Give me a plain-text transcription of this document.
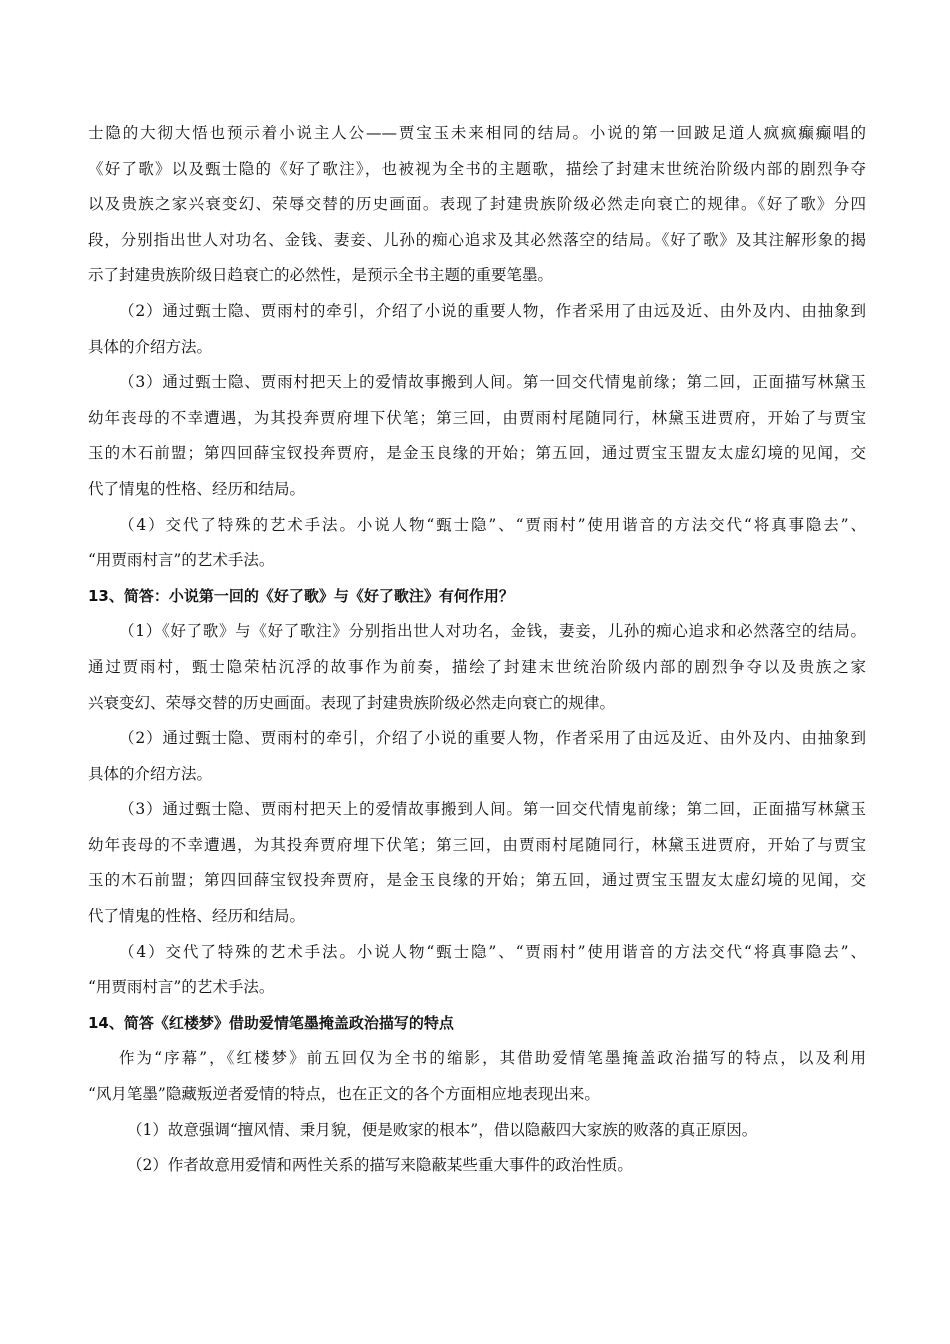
士隐的大彻大悟也预示着小说主人公——贾宝玉未来相同的结局。小说的第一回跛足道人疯疯癫癫唱的
《好了歌》以及甄士隐的《好了歌注》，也被视为全书的主题歌，描绘了封建末世统治阶级内部的剧烈争夺
以及贵族之家兴衰变幻、荣辱交替的历史画面。表现了封建贵族阶级必然走向衰亡的规律。《好了歌》分四
段，分别指出世人对功名、金钱、妻妾、儿孙的痴心追求及其必然落空的结局。《好了歌》及其注解形象的揭
示了封建贵族阶级日趋衰亡的必然性，是预示全书主题的重要笔墨。
（2）通过甄士隐、贾雨村的牵引，介绍了小说的重要人物，作者采用了由远及近、由外及内、由抽象到
具体的介绍方法。
（3）通过甄士隐、贾雨村把天上的爱情故事搬到人间。第一回交代情鬼前缘；第二回，正面描写林黛玉
幼年丧母的不幸遭遇，为其投奔贾府埋下伏笔；第三回，由贾雨村尾随同行，林黛玉进贾府，开始了与贾宝
玉的木石前盟；第四回薛宝钗投奔贾府，是金玉良缘的开始；第五回，通过贾宝玉盟友太虚幻境的见闻，交
代了情鬼的性格、经历和结局。
（4）交代了特殊的艺术手法。小说人物“甄士隐”、“贾雨村”使用谐音的方法交代“将真事隐去”、
“用贾雨村言”的艺术手法。
13、简答：小说第一回的《好了歌》与《好了歌注》有何作用？
（1）《好了歌》与《好了歌注》分别指出世人对功名，金钱，妻妾，儿孙的痴心追求和必然落空的结局。
通过贾雨村，甄士隐荣枯沉浮的故事作为前奏，描绘了封建末世统治阶级内部的剧烈争夺以及贵族之家
兴衰变幻、荣辱交替的历史画面。表现了封建贵族阶级必然走向衰亡的规律。
（2）通过甄士隐、贾雨村的牵引，介绍了小说的重要人物，作者采用了由远及近、由外及内、由抽象到
具体的介绍方法。
（3）通过甄士隐、贾雨村把天上的爱情故事搬到人间。第一回交代情鬼前缘；第二回，正面描写林黛玉
幼年丧母的不幸遭遇，为其投奔贾府埋下伏笔；第三回，由贾雨村尾随同行，林黛玉进贾府，开始了与贾宝
玉的木石前盟；第四回薛宝钗投奔贾府，是金玉良缘的开始；第五回，通过贾宝玉盟友太虚幻境的见闻，交
代了情鬼的性格、经历和结局。
（4）交代了特殊的艺术手法。小说人物“甄士隐”、“贾雨村”使用谐音的方法交代“将真事隐去”、
“用贾雨村言”的艺术手法。
14、简答《红楼梦》借助爱情笔墨掩盖政治描写的特点
作为“序幕”，《红楼梦》前五回仅为全书的缩影，其借助爱情笔墨掩盖政治描写的特点，以及利用
“风月笔墨”隐藏叛逆者爱情的特点，也在正文的各个方面相应地表现出来。
（1）故意强调“擅风情、秉月貌，便是败家的根本”，借以隐蔽四大家族的败落的真正原因。
（2）作者故意用爱情和两性关系的描写来隐蔽某些重大事件的政治性质。
